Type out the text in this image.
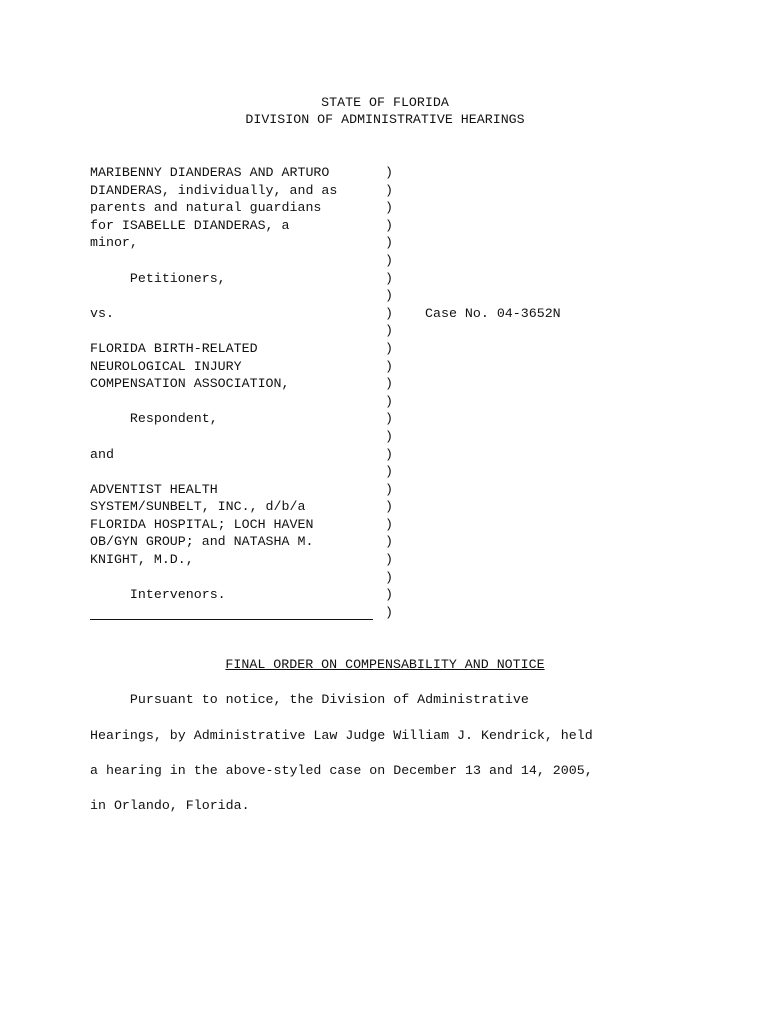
STATE OF FLORIDA
DIVISION OF ADMINISTRATIVE HEARINGS
MARIBENNY DIANDERAS AND ARTURO	)
DIANDERAS, individually, and as	)
parents and natural guardians	)
for ISABELLE DIANDERAS, a	)
minor,	)
)
Petitioners,	)
)
vs.	)	Case No. 04-3652N
)
FLORIDA BIRTH-RELATED	)
NEUROLOGICAL INJURY	)
COMPENSATION ASSOCIATION,	)
)
Respondent,	)
)
and	)
)
ADVENTIST HEALTH	)
SYSTEM/SUNBELT, INC., d/b/a	)
FLORIDA HOSPITAL; LOCH HAVEN	)
OB/GYN GROUP; and NATASHA M.	)
KNIGHT, M.D.,	)
)
Intervenors.	)
)
FINAL ORDER ON COMPENSABILITY AND NOTICE
Pursuant to notice, the Division of Administrative
Hearings, by Administrative Law Judge William J. Kendrick, held
a hearing in the above-styled case on December 13 and 14, 2005,
in Orlando, Florida.
